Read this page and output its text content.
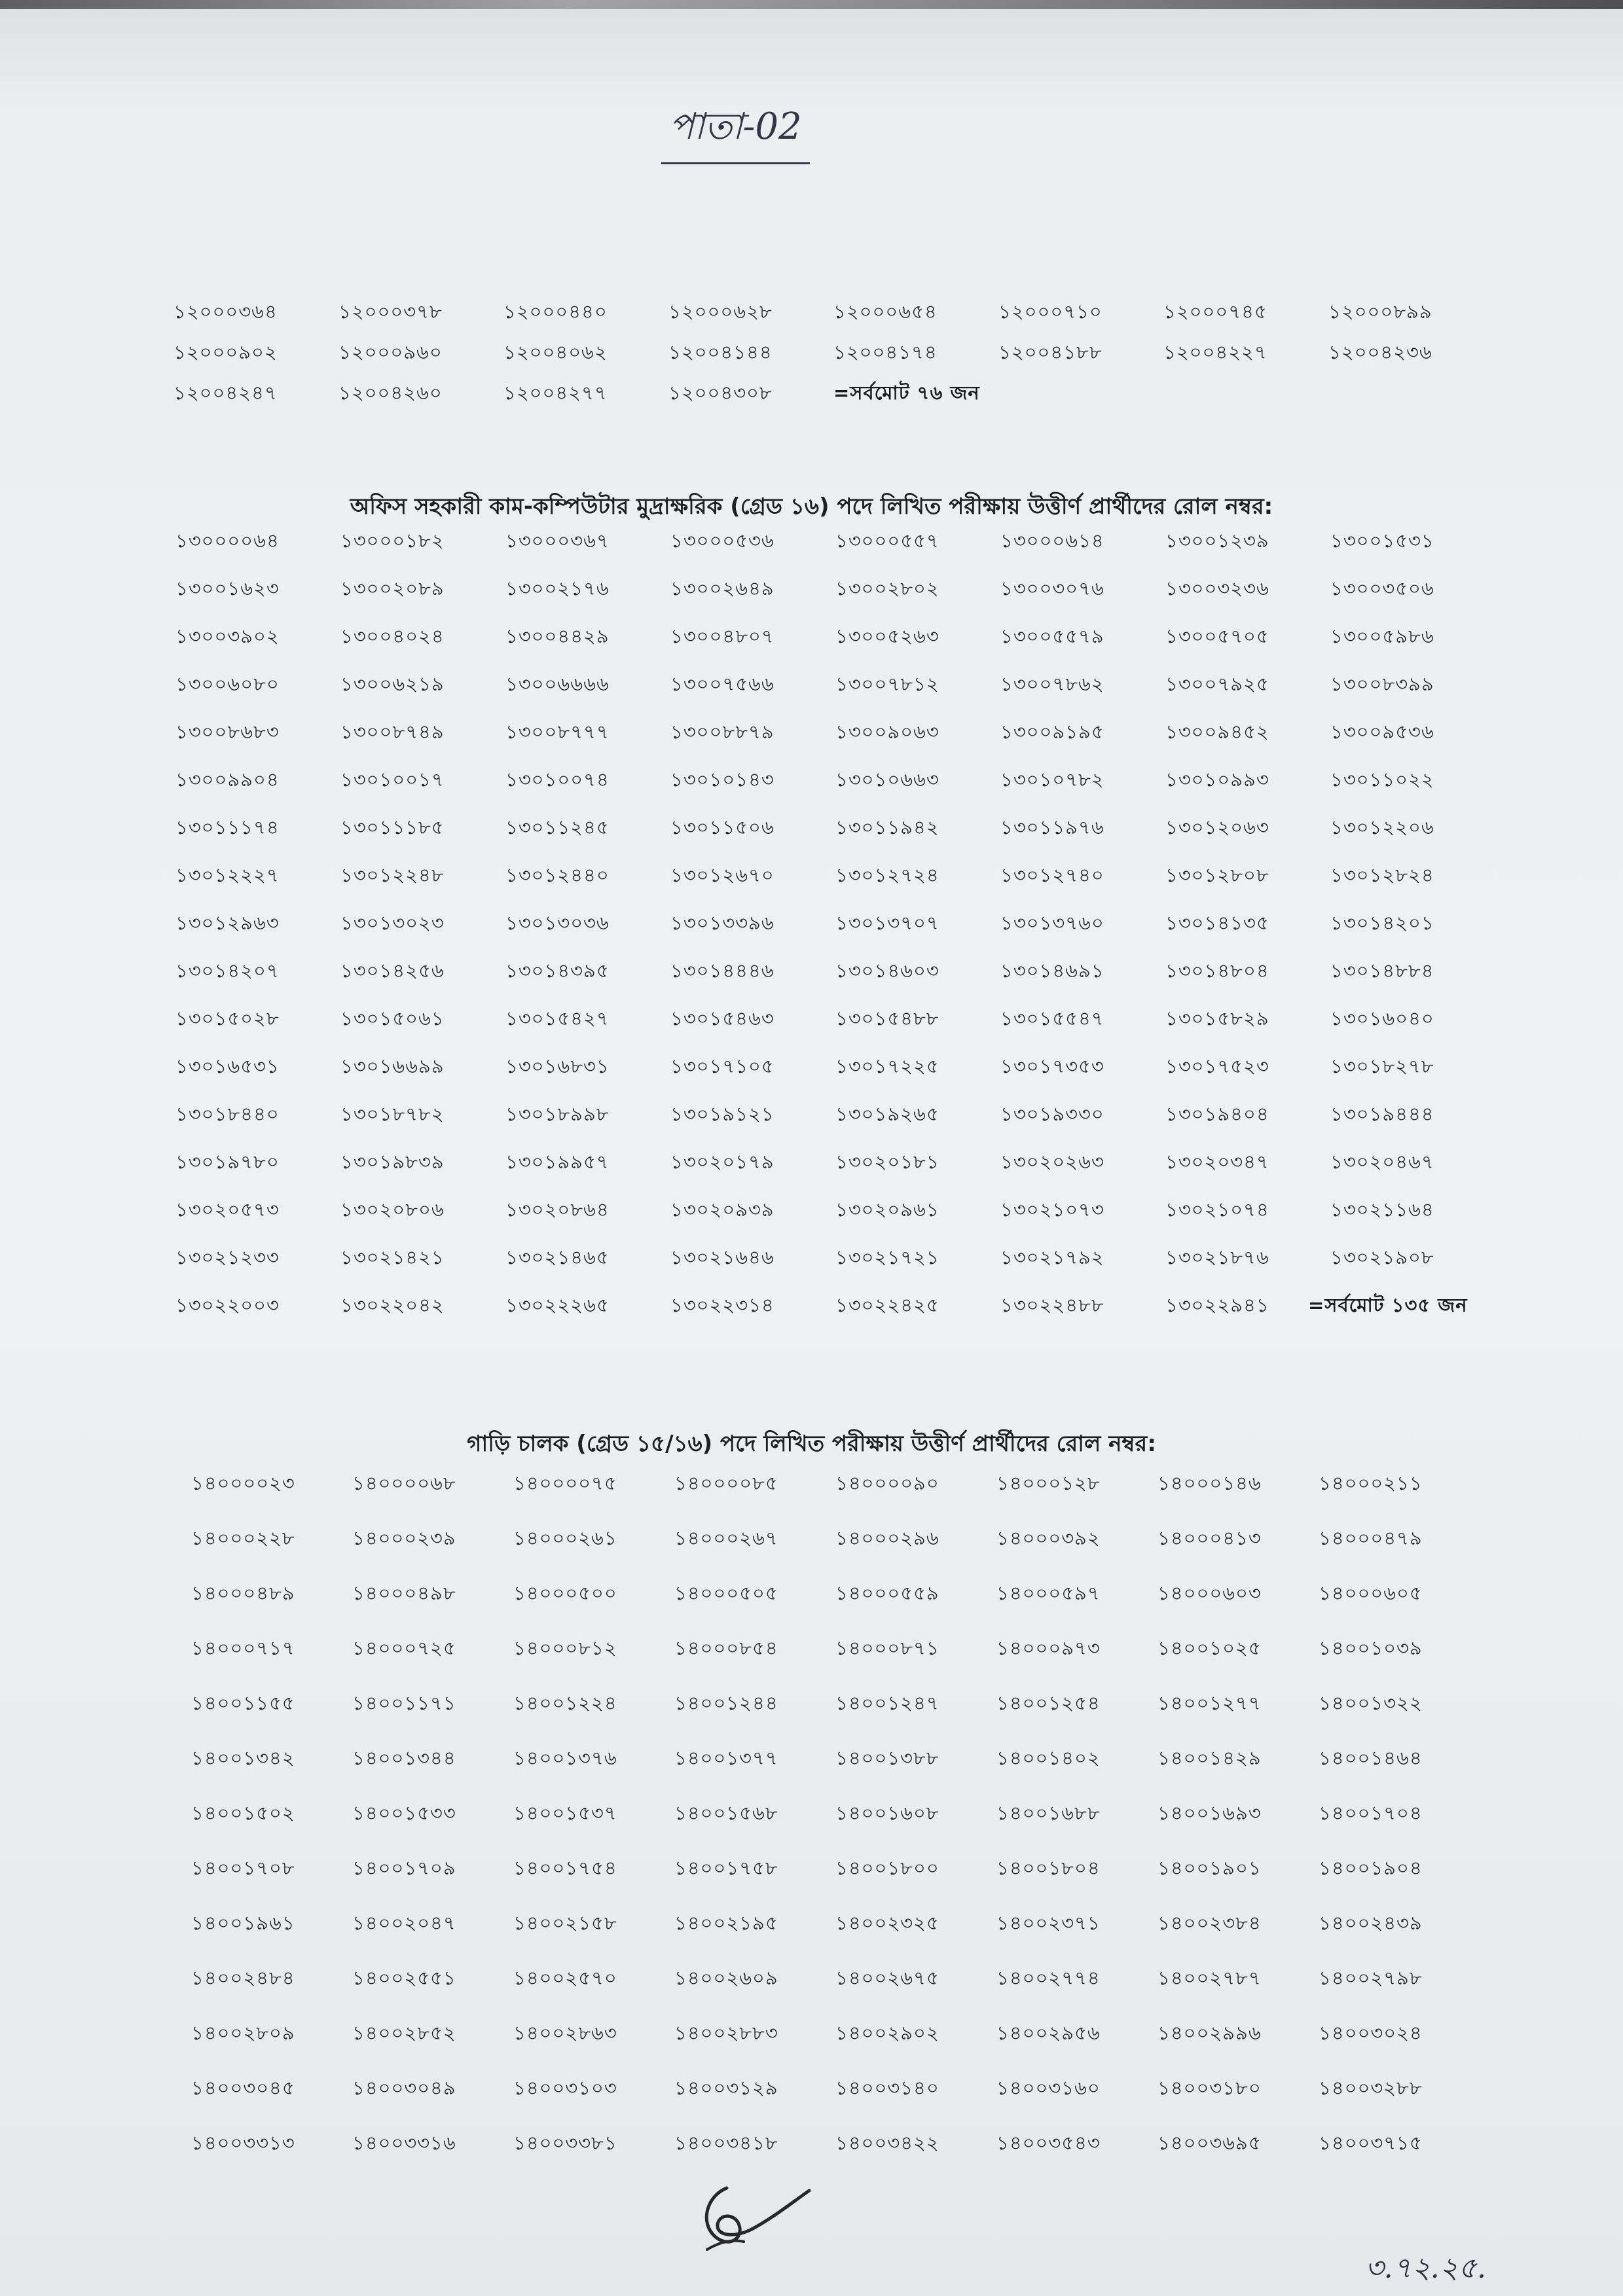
পাতা-02
১২০০০৩৬৪	১২০০০৩৭৮	১২০০০৪৪০	১২০০০৬২৮	১২০০০৬৫৪	১২০০০৭১০	১২০০০৭৪৫	১২০০০৮৯৯
১২০০০৯০২	১২০০০৯৬০	১২০০৪০৬২	১২০০৪১৪৪	১২০০৪১৭৪	১২০০৪১৮৮	১২০০৪২২৭	১২০০৪২৩৬
১২০০৪২৪৭	১২০০৪২৬০	১২০০৪২৭৭	১২০০৪৩০৮	=সর্বমোট ৭৬ জন
অফিস সহকারী কাম-কম্পিউটার মুদ্রাক্ষরিক (গ্রেড ১৬) পদে লিখিত পরীক্ষায় উত্তীর্ণ প্রার্থীদের রোল নম্বর:
১৩০০০০৬৪	১৩০০০১৮২	১৩০০০৩৬৭	১৩০০০৫৩৬	১৩০০০৫৫৭	১৩০০০৬১৪	১৩০০১২৩৯	১৩০০১৫৩১
১৩০০১৬২৩	১৩০০২০৮৯	১৩০০২১৭৬	১৩০০২৬৪৯	১৩০০২৮০২	১৩০০৩০৭৬	১৩০০৩২৩৬	১৩০০৩৫০৬
১৩০০৩৯০২	১৩০০৪০২৪	১৩০০৪৪২৯	১৩০০৪৮০৭	১৩০০৫২৬৩	১৩০০৫৫৭৯	১৩০০৫৭০৫	১৩০০৫৯৮৬
১৩০০৬০৮০	১৩০০৬২১৯	১৩০০৬৬৬৬	১৩০০৭৫৬৬	১৩০০৭৮১২	১৩০০৭৮৬২	১৩০০৭৯২৫	১৩০০৮৩৯৯
১৩০০৮৬৮৩	১৩০০৮৭৪৯	১৩০০৮৭৭৭	১৩০০৮৮৭৯	১৩০০৯০৬৩	১৩০০৯১৯৫	১৩০০৯৪৫২	১৩০০৯৫৩৬
১৩০০৯৯০৪	১৩০১০০১৭	১৩০১০০৭৪	১৩০১০১৪৩	১৩০১০৬৬৩	১৩০১০৭৮২	১৩০১০৯৯৩	১৩০১১০২২
১৩০১১১৭৪	১৩০১১১৮৫	১৩০১১২৪৫	১৩০১১৫০৬	১৩০১১৯৪২	১৩০১১৯৭৬	১৩০১২০৬৩	১৩০১২২০৬
১৩০১২২২৭	১৩০১২২৪৮	১৩০১২৪৪০	১৩০১২৬৭০	১৩০১২৭২৪	১৩০১২৭৪০	১৩০১২৮০৮	১৩০১২৮২৪
১৩০১২৯৬৩	১৩০১৩০২৩	১৩০১৩০৩৬	১৩০১৩৩৯৬	১৩০১৩৭০৭	১৩০১৩৭৬০	১৩০১৪১৩৫	১৩০১৪২০১
১৩০১৪২০৭	১৩০১৪২৫৬	১৩০১৪৩৯৫	১৩০১৪৪৪৬	১৩০১৪৬০৩	১৩০১৪৬৯১	১৩০১৪৮০৪	১৩০১৪৮৮৪
১৩০১৫০২৮	১৩০১৫০৬১	১৩০১৫৪২৭	১৩০১৫৪৬৩	১৩০১৫৪৮৮	১৩০১৫৫৪৭	১৩০১৫৮২৯	১৩০১৬০৪০
১৩০১৬৫৩১	১৩০১৬৬৯৯	১৩০১৬৮৩১	১৩০১৭১০৫	১৩০১৭২২৫	১৩০১৭৩৫৩	১৩০১৭৫২৩	১৩০১৮২৭৮
১৩০১৮৪৪০	১৩০১৮৭৮২	১৩০১৮৯৯৮	১৩০১৯১২১	১৩০১৯২৬৫	১৩০১৯৩৩০	১৩০১৯৪০৪	১৩০১৯৪৪৪
১৩০১৯৭৮০	১৩০১৯৮৩৯	১৩০১৯৯৫৭	১৩০২০১৭৯	১৩০২০১৮১	১৩০২০২৬৩	১৩০২০৩৪৭	১৩০২০৪৬৭
১৩০২০৫৭৩	১৩০২০৮০৬	১৩০২০৮৬৪	১৩০২০৯৩৯	১৩০২০৯৬১	১৩০২১০৭৩	১৩০২১০৭৪	১৩০২১১৬৪
১৩০২১২৩৩	১৩০২১৪২১	১৩০২১৪৬৫	১৩০২১৬৪৬	১৩০২১৭২১	১৩০২১৭৯২	১৩০২১৮৭৬	১৩০২১৯০৮
১৩০২২০০৩	১৩০২২০৪২	১৩০২২২৬৫	১৩০২২৩১৪	১৩০২২৪২৫	১৩০২২৪৮৮	১৩০২২৯৪১	=সর্বমোট ১৩৫ জন
গাড়ি চালক (গ্রেড ১৫/১৬) পদে লিখিত পরীক্ষায় উত্তীর্ণ প্রার্থীদের রোল নম্বর:
১৪০০০০২৩	১৪০০০০৬৮	১৪০০০০৭৫	১৪০০০০৮৫	১৪০০০০৯০	১৪০০০১২৮	১৪০০০১৪৬	১৪০০০২১১
১৪০০০২২৮	১৪০০০২৩৯	১৪০০০২৬১	১৪০০০২৬৭	১৪০০০২৯৬	১৪০০০৩৯২	১৪০০০৪১৩	১৪০০০৪৭৯
১৪০০০৪৮৯	১৪০০০৪৯৮	১৪০০০৫০০	১৪০০০৫০৫	১৪০০০৫৫৯	১৪০০০৫৯৭	১৪০০০৬০৩	১৪০০০৬০৫
১৪০০০৭১৭	১৪০০০৭২৫	১৪০০০৮১২	১৪০০০৮৫৪	১৪০০০৮৭১	১৪০০০৯৭৩	১৪০০১০২৫	১৪০০১০৩৯
১৪০০১১৫৫	১৪০০১১৭১	১৪০০১২২৪	১৪০০১২৪৪	১৪০০১২৪৭	১৪০০১২৫৪	১৪০০১২৭৭	১৪০০১৩২২
১৪০০১৩৪২	১৪০০১৩৪৪	১৪০০১৩৭৬	১৪০০১৩৭৭	১৪০০১৩৮৮	১৪০০১৪০২	১৪০০১৪২৯	১৪০০১৪৬৪
১৪০০১৫০২	১৪০০১৫৩৩	১৪০০১৫৩৭	১৪০০১৫৬৮	১৪০০১৬০৮	১৪০০১৬৮৮	১৪০০১৬৯৩	১৪০০১৭০৪
১৪০০১৭০৮	১৪০০১৭০৯	১৪০০১৭৫৪	১৪০০১৭৫৮	১৪০০১৮০০	১৪০০১৮০৪	১৪০০১৯০১	১৪০০১৯০৪
১৪০০১৯৬১	১৪০০২০৪৭	১৪০০২১৫৮	১৪০০২১৯৫	১৪০০২৩২৫	১৪০০২৩৭১	১৪০০২৩৮৪	১৪০০২৪৩৯
১৪০০২৪৮৪	১৪০০২৫৫১	১৪০০২৫৭০	১৪০০২৬০৯	১৪০০২৬৭৫	১৪০০২৭৭৪	১৪০০২৭৮৭	১৪০০২৭৯৮
১৪০০২৮০৯	১৪০০২৮৫২	১৪০০২৮৬৩	১৪০০২৮৮৩	১৪০০২৯০২	১৪০০২৯৫৬	১৪০০২৯৯৬	১৪০০৩০২৪
১৪০০৩০৪৫	১৪০০৩০৪৯	১৪০০৩১০৩	১৪০০৩১২৯	১৪০০৩১৪০	১৪০০৩১৬০	১৪০০৩১৮০	১৪০০৩২৮৮
১৪০০৩৩১৩	১৪০০৩৩১৬	১৪০০৩৩৮১	১৪০০৩৪১৮	১৪০০৩৪২২	১৪০০৩৫৪৩	১৪০০৩৬৯৫	১৪০০৩৭১৫
৩.৭২.২৫.
